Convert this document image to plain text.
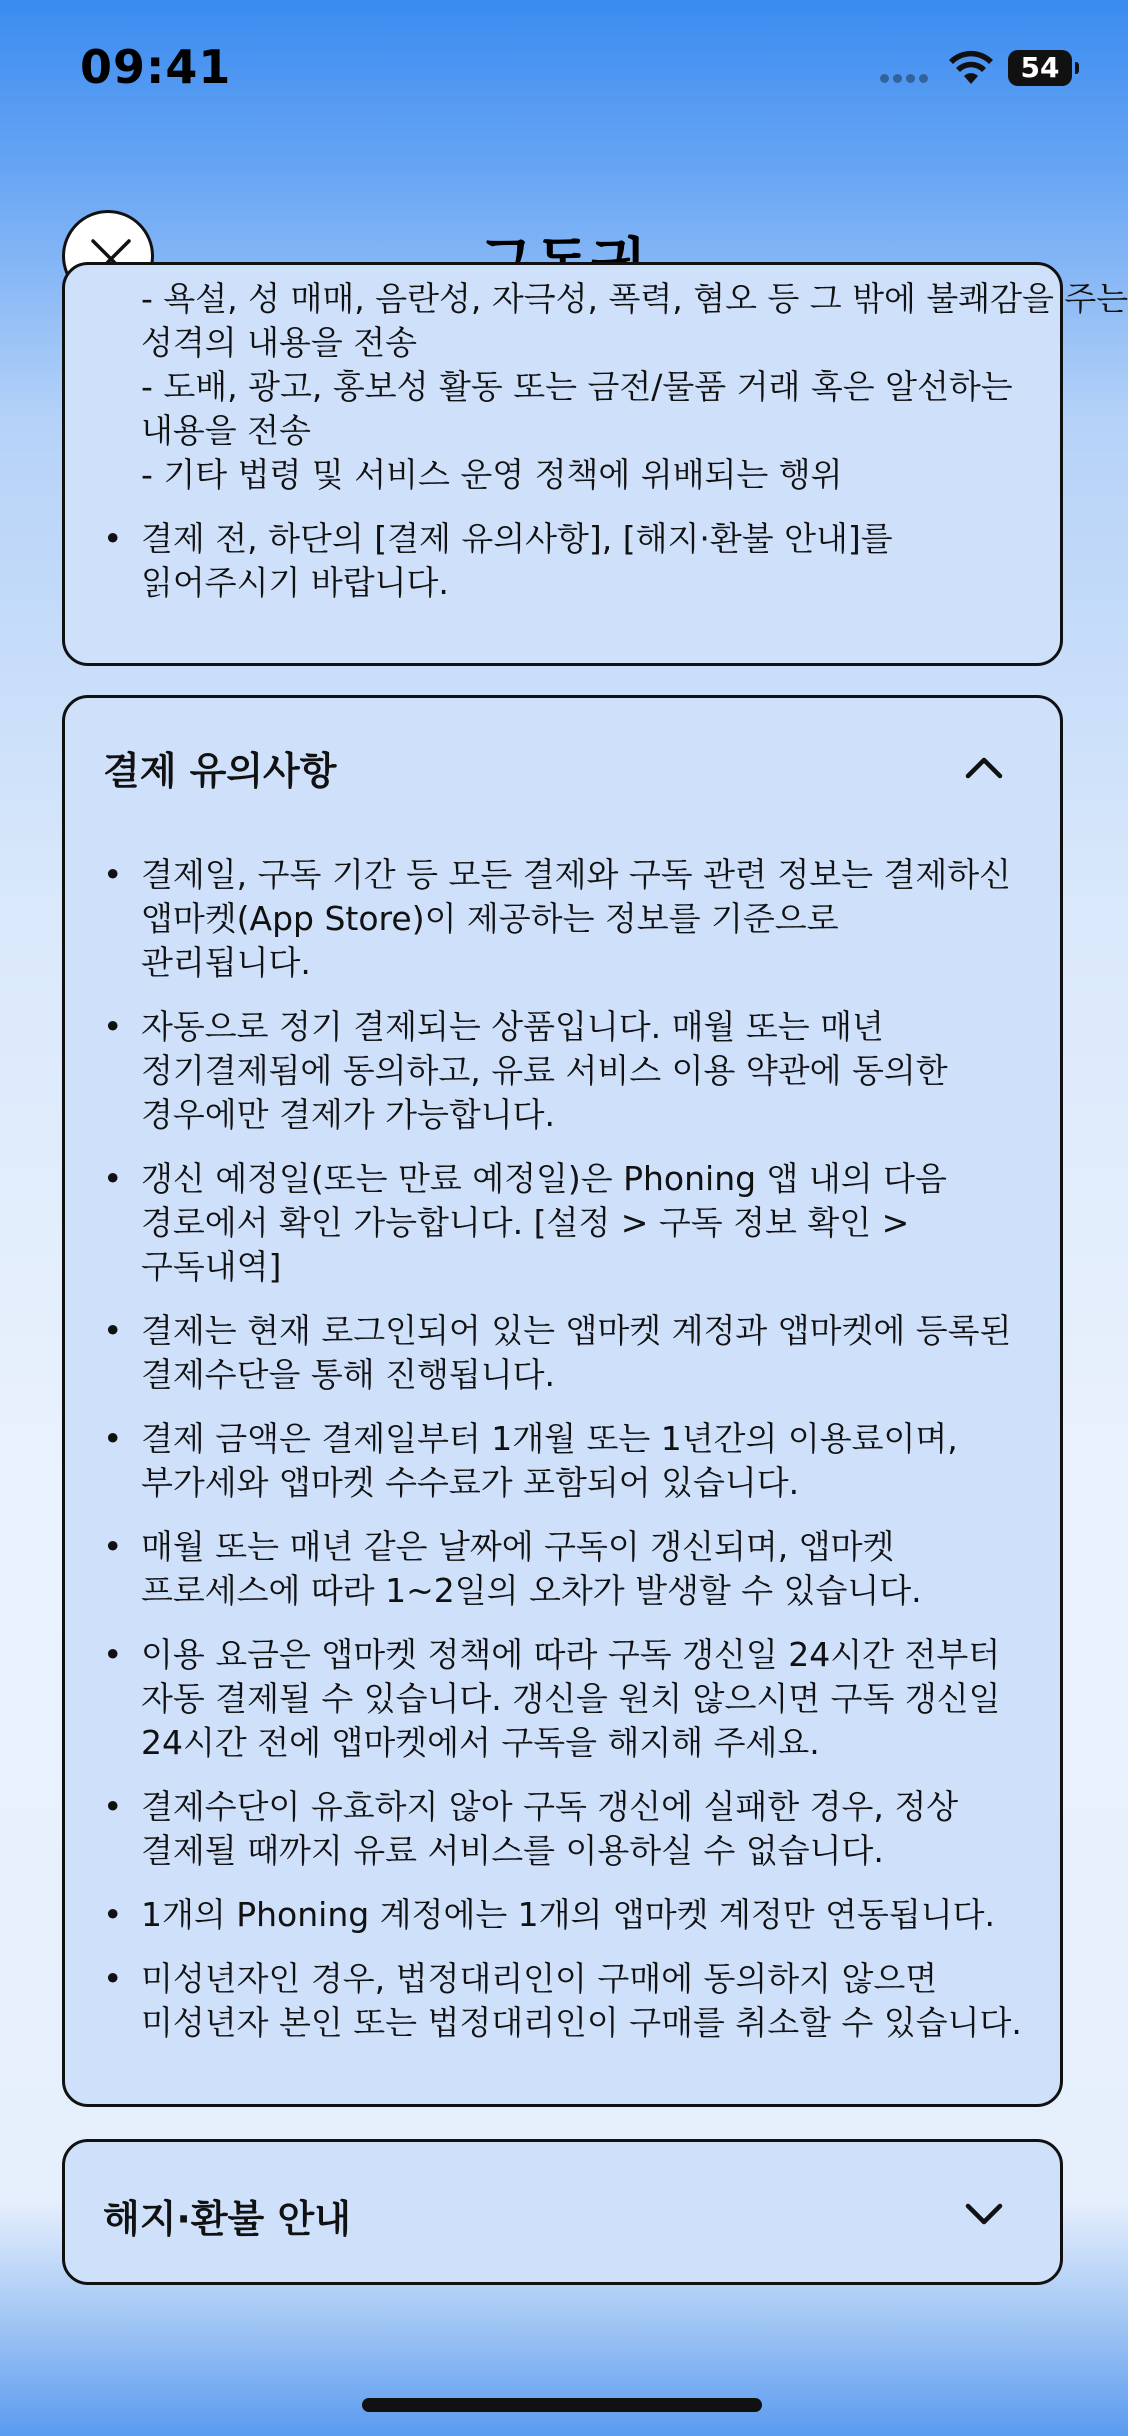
09:41	54
- 욕설, 성 매매, 음란성, 자극성, 폭력, 혐오 등 그 밖에 불쾌감을 주는
성격의 내용을 전송
- 도배, 광고, 홍보성 활동 또는 금전/물품 거래 혹은 알선하는
내용을 전송
- 기타 법령 및 서비스 운영 정책에 위배되는 행위
• 결제 전, 하단의 [결제 유의사항], [해지·환불 안내]를
읽어주시기 바랍니다.
결제 유의사항
• 결제일, 구독 기간 등 모든 결제와 구독 관련 정보는 결제하신
앱마켓(App Store)이 제공하는 정보를 기준으로
관리됩니다.
• 자동으로 정기 결제되는 상품입니다. 매월 또는 매년
정기결제됨에 동의하고, 유료 서비스 이용 약관에 동의한
경우에만 결제가 가능합니다.
• 갱신 예정일(또는 만료 예정일)은 Phoning 앱 내의 다음
경로에서 확인 가능합니다. [설정 > 구독 정보 확인 >
구독내역]
• 결제는 현재 로그인되어 있는 앱마켓 계정과 앱마켓에 등록된
결제수단을 통해 진행됩니다.
• 결제 금액은 결제일부터 1개월 또는 1년간의 이용료이며,
부가세와 앱마켓 수수료가 포함되어 있습니다.
• 매월 또는 매년 같은 날짜에 구독이 갱신되며, 앱마켓
프로세스에 따라 1~2일의 오차가 발생할 수 있습니다.
• 이용 요금은 앱마켓 정책에 따라 구독 갱신일 24시간 전부터
자동 결제될 수 있습니다. 갱신을 원치 않으시면 구독 갱신일
24시간 전에 앱마켓에서 구독을 해지해 주세요.
• 결제수단이 유효하지 않아 구독 갱신에 실패한 경우, 정상
결제될 때까지 유료 서비스를 이용하실 수 없습니다.
• 1개의 Phoning 계정에는 1개의 앱마켓 계정만 연동됩니다.
• 미성년자인 경우, 법정대리인이 구매에 동의하지 않으면
미성년자 본인 또는 법정대리인이 구매를 취소할 수 있습니다.
해지·환불 안내
